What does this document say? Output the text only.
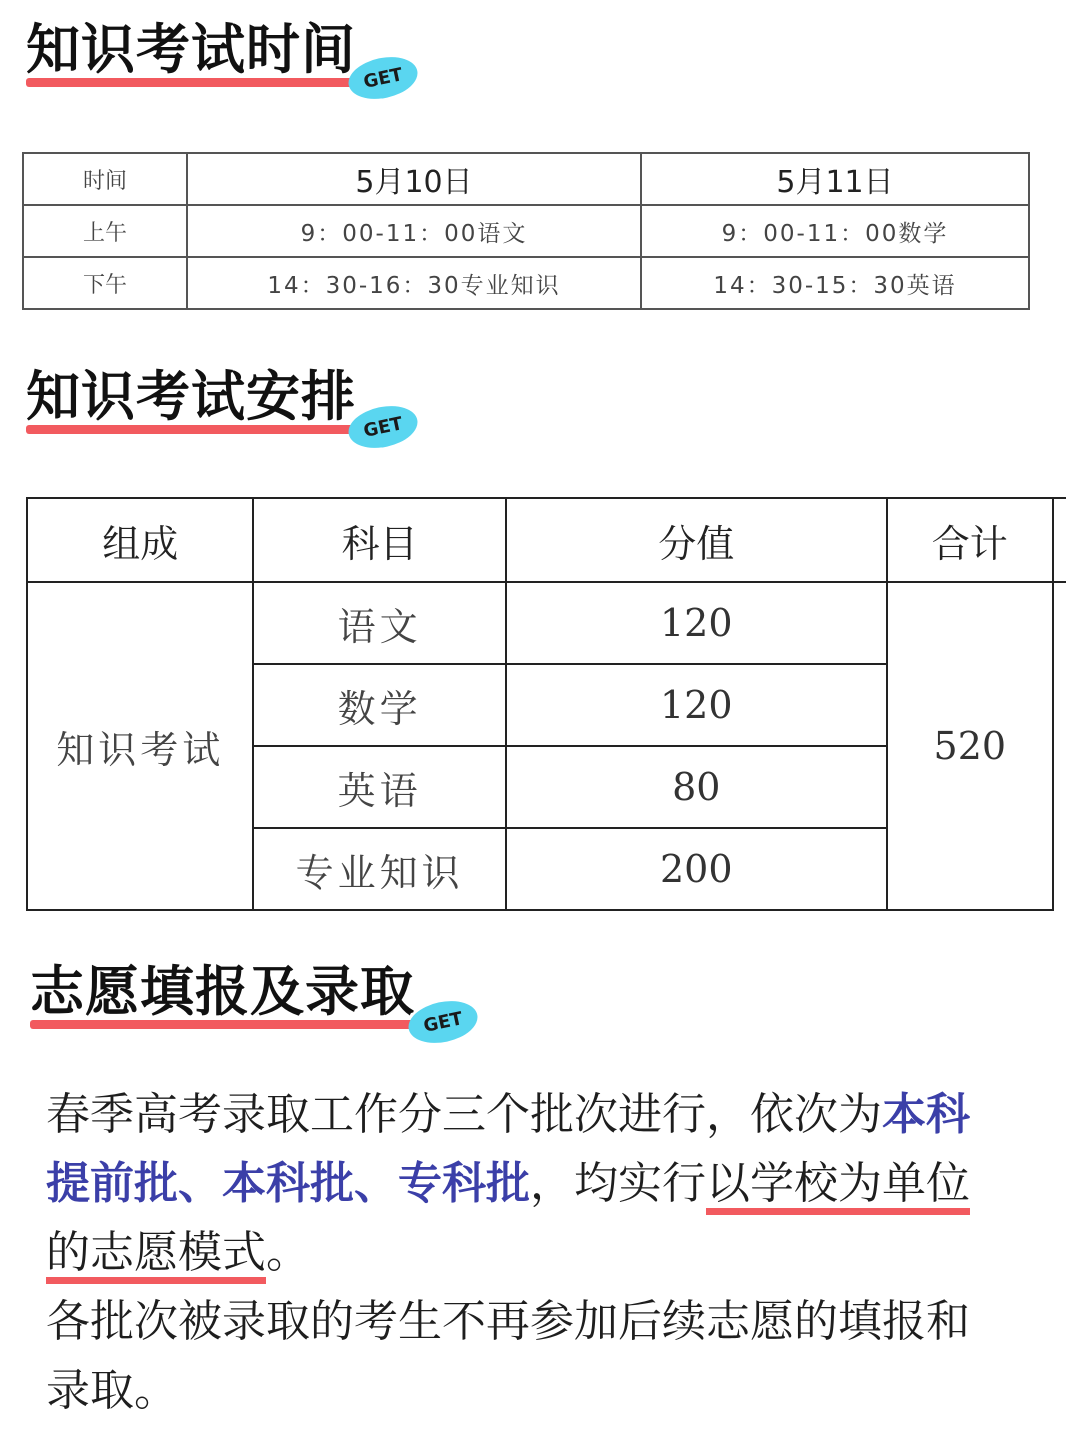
知识考试时间 GET
时间	5月10日	5月11日
上午	9：00-11：00语文	9：00-11：00数学
下午	14：30-16：30专业知识	14：30-15：30英语
知识考试安排 GET
组成	科目	分值	合计	
知识考试	语文	120	520	
	数学	120		
	英语	80		
	专业知识	200		
志愿填报及录取 GET
春季高考录取工作分三个批次进行，依次为本科提前批、本科批、专科批，均实行以学校为单位的志愿模式。
各批次被录取的考生不再参加后续志愿的填报和录取。
